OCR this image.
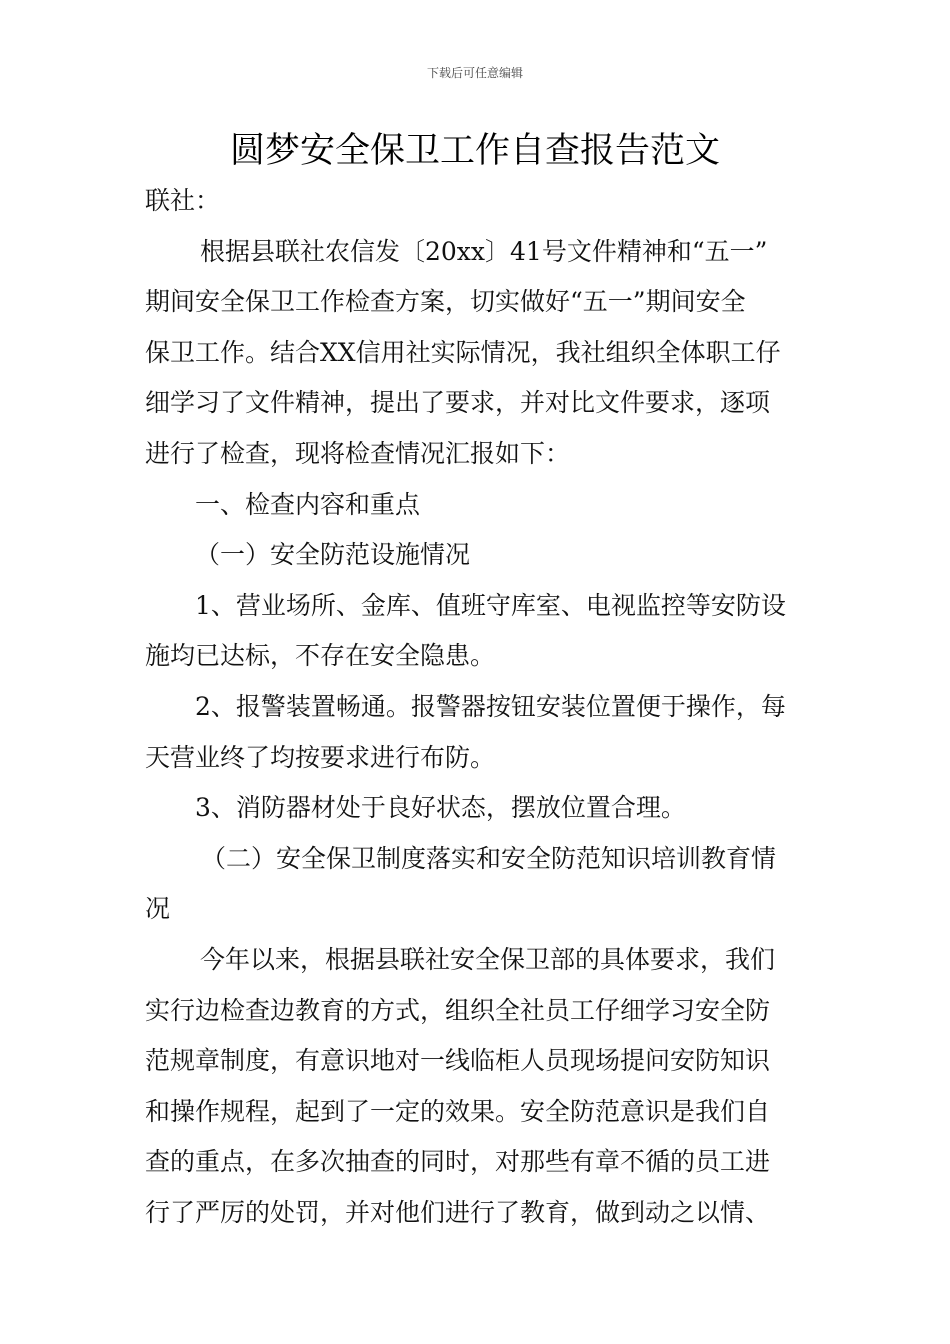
下载后可任意编辑
圆梦安全保卫工作自查报告范文

联社：

根据县联社农信发〔20xx〕41号文件精神和“五一”

期间安全保卫工作检查方案，切实做好“五一”期间安全

保卫工作。结合XX信用社实际情况，我社组织全体职工仔

细学习了文件精神，提出了要求，并对比文件要求，逐项

进行了检查，现将检查情况汇报如下：

一、检查内容和重点

（一）安全防范设施情况

1、营业场所、金库、值班守库室、电视监控等安防设

施均已达标，不存在安全隐患。

2、报警装置畅通。报警器按钮安装位置便于操作，每

天营业终了均按要求进行布防。

3、消防器材处于良好状态，摆放位置合理。

（二）安全保卫制度落实和安全防范知识培训教育情

况

今年以来，根据县联社安全保卫部的具体要求，我们

实行边检查边教育的方式，组织全社员工仔细学习安全防

范规章制度，有意识地对一线临柜人员现场提问安防知识

和操作规程，起到了一定的效果。安全防范意识是我们自

查的重点，在多次抽查的同时，对那些有章不循的员工进

行了严厉的处罚，并对他们进行了教育，做到动之以情、
